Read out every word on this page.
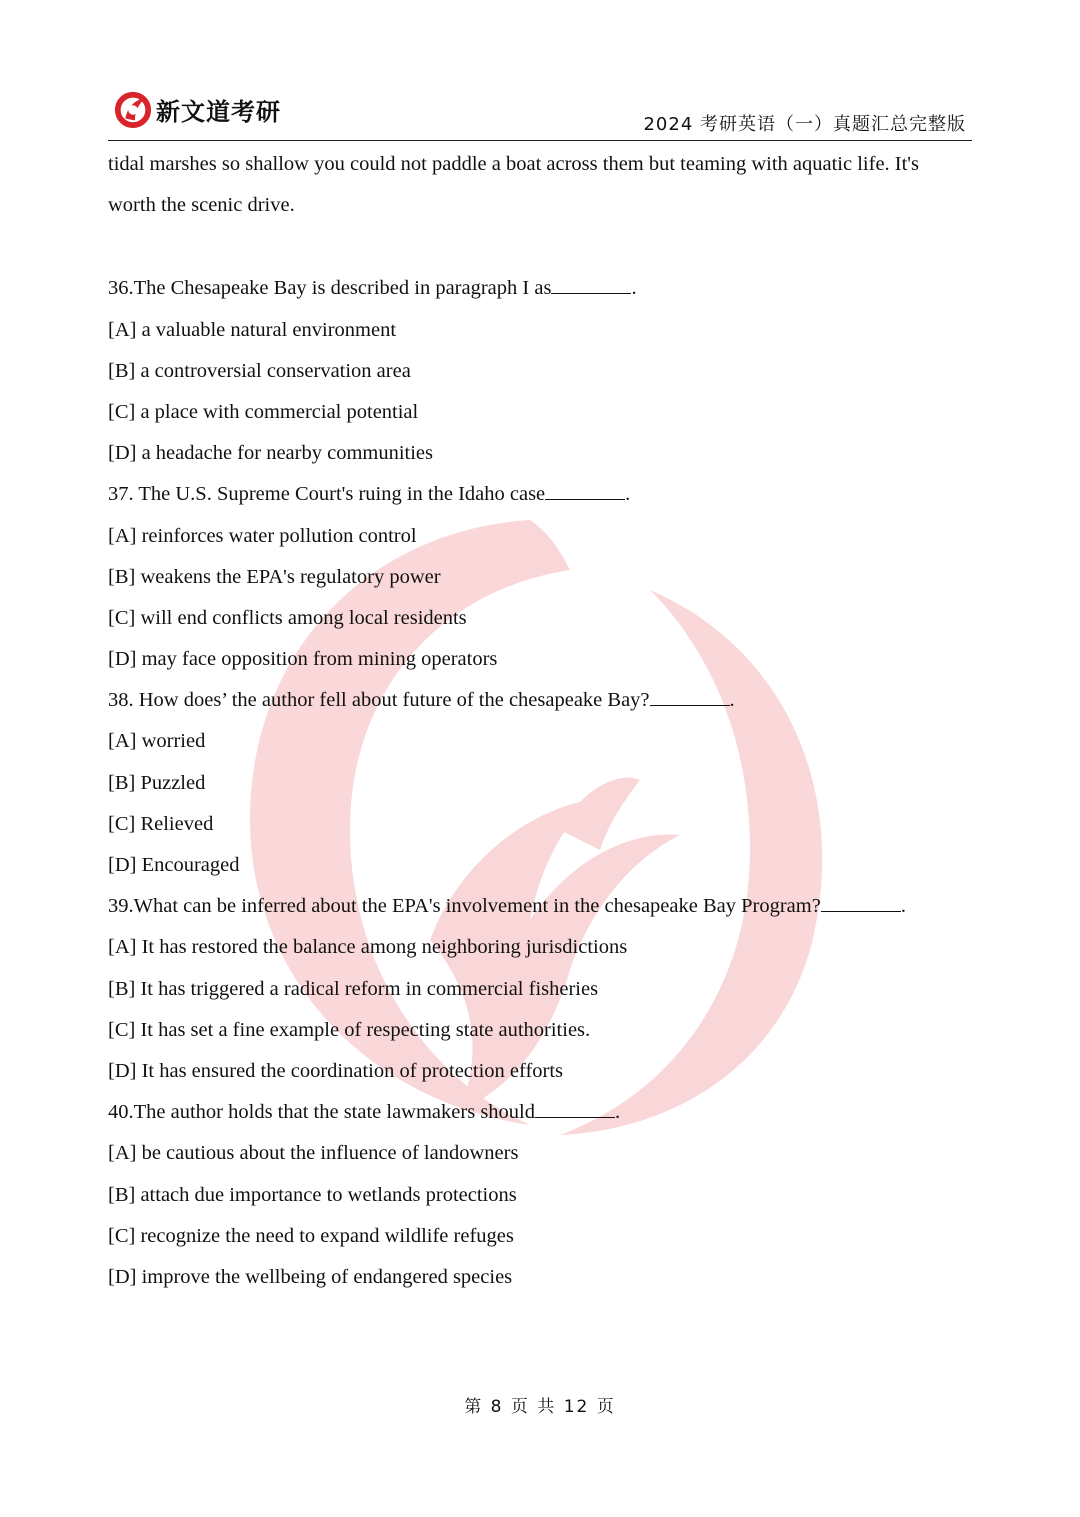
新文道考研	2024 考研英语（一）真题汇总完整版
tidal marshes so shallow you could not paddle a boat across them but teaming with aquatic life. It's
worth the scenic drive.
36.The Chesapeake Bay is described in paragraph I as	.
[A] a valuable natural environment
[B] a controversial conservation area
[C] a place with commercial potential
[D] a headache for nearby communities
37. The U.S. Supreme Court's ruing in the Idaho case	.
[A] reinforces water pollution control
[B] weakens the EPA's regulatory power
[C] will end conflicts among local residents
[D] may face opposition from mining operators
38. How does’ the author fell about future of the chesapeake Bay?	.
[A] worried
[B] Puzzled
[C] Relieved
[D] Encouraged
39.What can be inferred about the EPA's involvement in the chesapeake Bay Program?	.
[A] It has restored the balance among neighboring jurisdictions
[B] It has triggered a radical reform in commercial fisheries
[C] It has set a fine example of respecting state authorities.
[D] It has ensured the coordination of protection efforts
40.The author holds that the state lawmakers should	.
[A] be cautious about the influence of landowners
[B] attach due importance to wetlands protections
[C] recognize the need to expand wildlife refuges
[D] improve the wellbeing of endangered species
第 8 页 共 12 页
